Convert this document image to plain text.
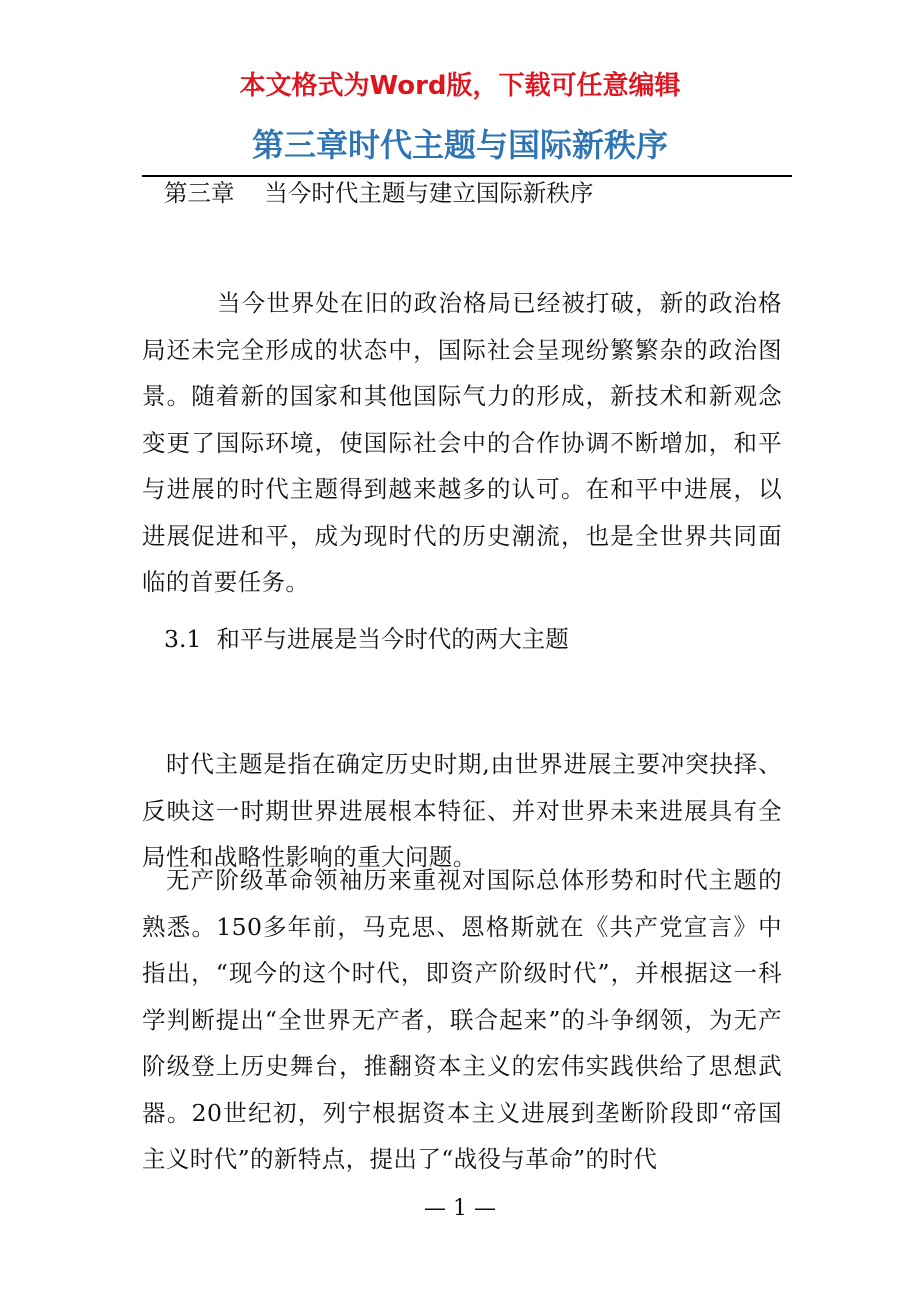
本文格式为Word版，下载可任意编辑
第三章时代主题与国际新秩序

第三章    当今时代主题与建立国际新秩序

当今世界处在旧的政治格局已经被打破，新的政治格局还未完全形成的状态中，国际社会呈现纷繁繁杂的政治图景。随着新的国家和其他国际气力的形成，新技术和新观念变更了国际环境，使国际社会中的合作协调不断增加，和平与进展的时代主题得到越来越多的认可。在和平中进展，以进展促进和平，成为现时代的历史潮流，也是全世界共同面临的首要任务。

3.1  和平与进展是当今时代的两大主题

时代主题是指在确定历史时期,由世界进展主要冲突抉择、反映这一时期世界进展根本特征、并对世界未来进展具有全局性和战略性影响的重大问题。

无产阶级革命领袖历来重视对国际总体形势和时代主题的熟悉。150多年前，马克思、恩格斯就在《共产党宣言》中指出，“现今的这个时代，即资产阶级时代”，并根据这一科学判断提出“全世界无产者，联合起来”的斗争纲领，为无产阶级登上历史舞台，推翻资本主义的宏伟实践供给了思想武器。20世纪初，列宁根据资本主义进展到垄断阶段即“帝国主义时代”的新特点，提出了“战役与革命”的时代

— 1 —
